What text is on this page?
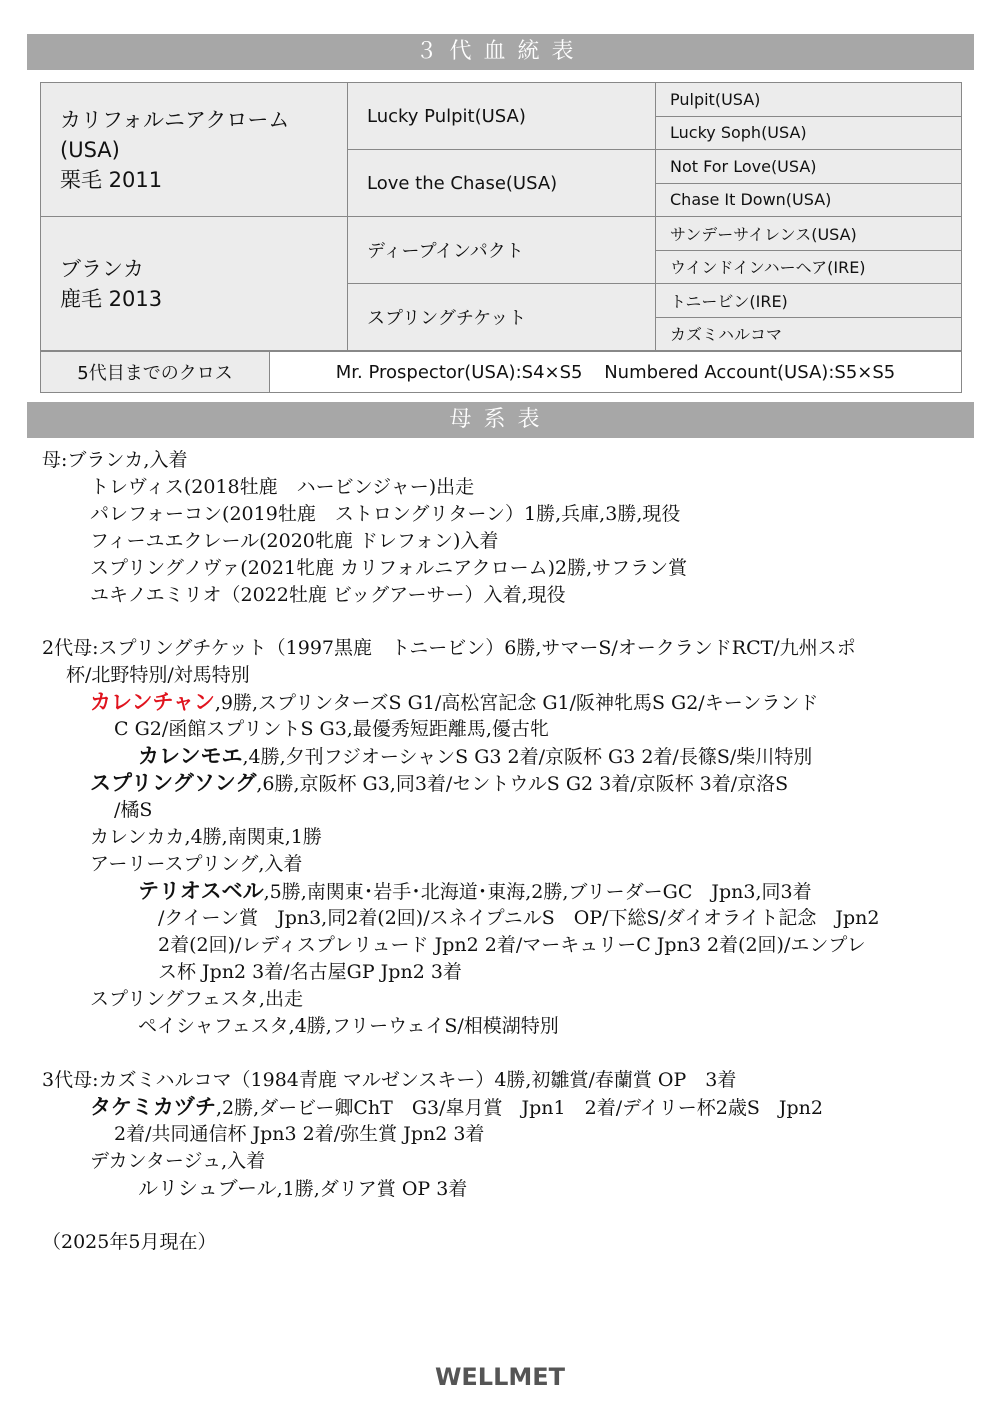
３代血統表
カリフォルニアクローム
(USA)
栗毛 2011	Lucky Pulpit(USA)	Pulpit(USA)
		Lucky Soph(USA)
	Love the Chase(USA)	Not For Love(USA)
		Chase It Down(USA)

ブランカ
鹿毛 2013	ディープインパクト	サンデーサイレンス(USA)
		ウインドインハーヘア(IRE)
	スプリングチケット	トニービン(IRE)
		カズミハルコマ
5代目までのクロス	Mr. Prospector(USA):S4×S5 Numbered Account(USA):S5×S5
母系表
母:ブランカ,入着
トレヴィス(2018牡鹿　ハービンジャー)出走
パレフォーコン(2019牡鹿　ストロングリターン）1勝,兵庫,3勝,現役
フィーユエクレール(2020牝鹿 ドレフォン)入着
スプリングノヴァ(2021牝鹿 カリフォルニアクローム)2勝,サフラン賞
ユキノエミリオ（2022牡鹿 ビッグアーサー）入着,現役
2代母:スプリングチケット（1997黒鹿　トニービン）6勝,サマーS/オークランドRCT/九州スポ
杯/北野特別/対馬特別
カレンチャン,9勝,スプリンターズS G1/高松宮記念 G1/阪神牝馬S G2/キーンランド
C G2/函館スプリントS G3,最優秀短距離馬,優古牝
カレンモエ,4勝,夕刊フジオーシャンS G3 2着/京阪杯 G3 2着/長篠S/柴川特別
スプリングソング,6勝,京阪杯 G3,同3着/セントウルS G2 3着/京阪杯 3着/京洛S
/橘S
カレンカカ,4勝,南関東,1勝
アーリースプリング,入着
テリオスベル,5勝,南関東･岩手･北海道･東海,2勝,ブリーダーGC　Jpn3,同3着
/クイーン賞　Jpn3,同2着(2回)/スネイプニルS　OP/下総S/ダイオライト記念　Jpn2
2着(2回)/レディスプレリュード Jpn2 2着/マーキュリーC Jpn3 2着(2回)/エンプレ
ス杯 Jpn2 3着/名古屋GP Jpn2 3着
スプリングフェスタ,出走
ペイシャフェスタ,4勝,フリーウェイS/相模湖特別
3代母:カズミハルコマ（1984青鹿 マルゼンスキー）4勝,初雛賞/春蘭賞 OP　3着
タケミカヅチ,2勝,ダービー卿ChT　G3/皐月賞　Jpn1　2着/デイリー杯2歳S　Jpn2
2着/共同通信杯 Jpn3 2着/弥生賞 Jpn2 3着
デカンタージュ,入着
ルリシュブール,1勝,ダリア賞 OP 3着
（2025年5月現在）
WELLMET
